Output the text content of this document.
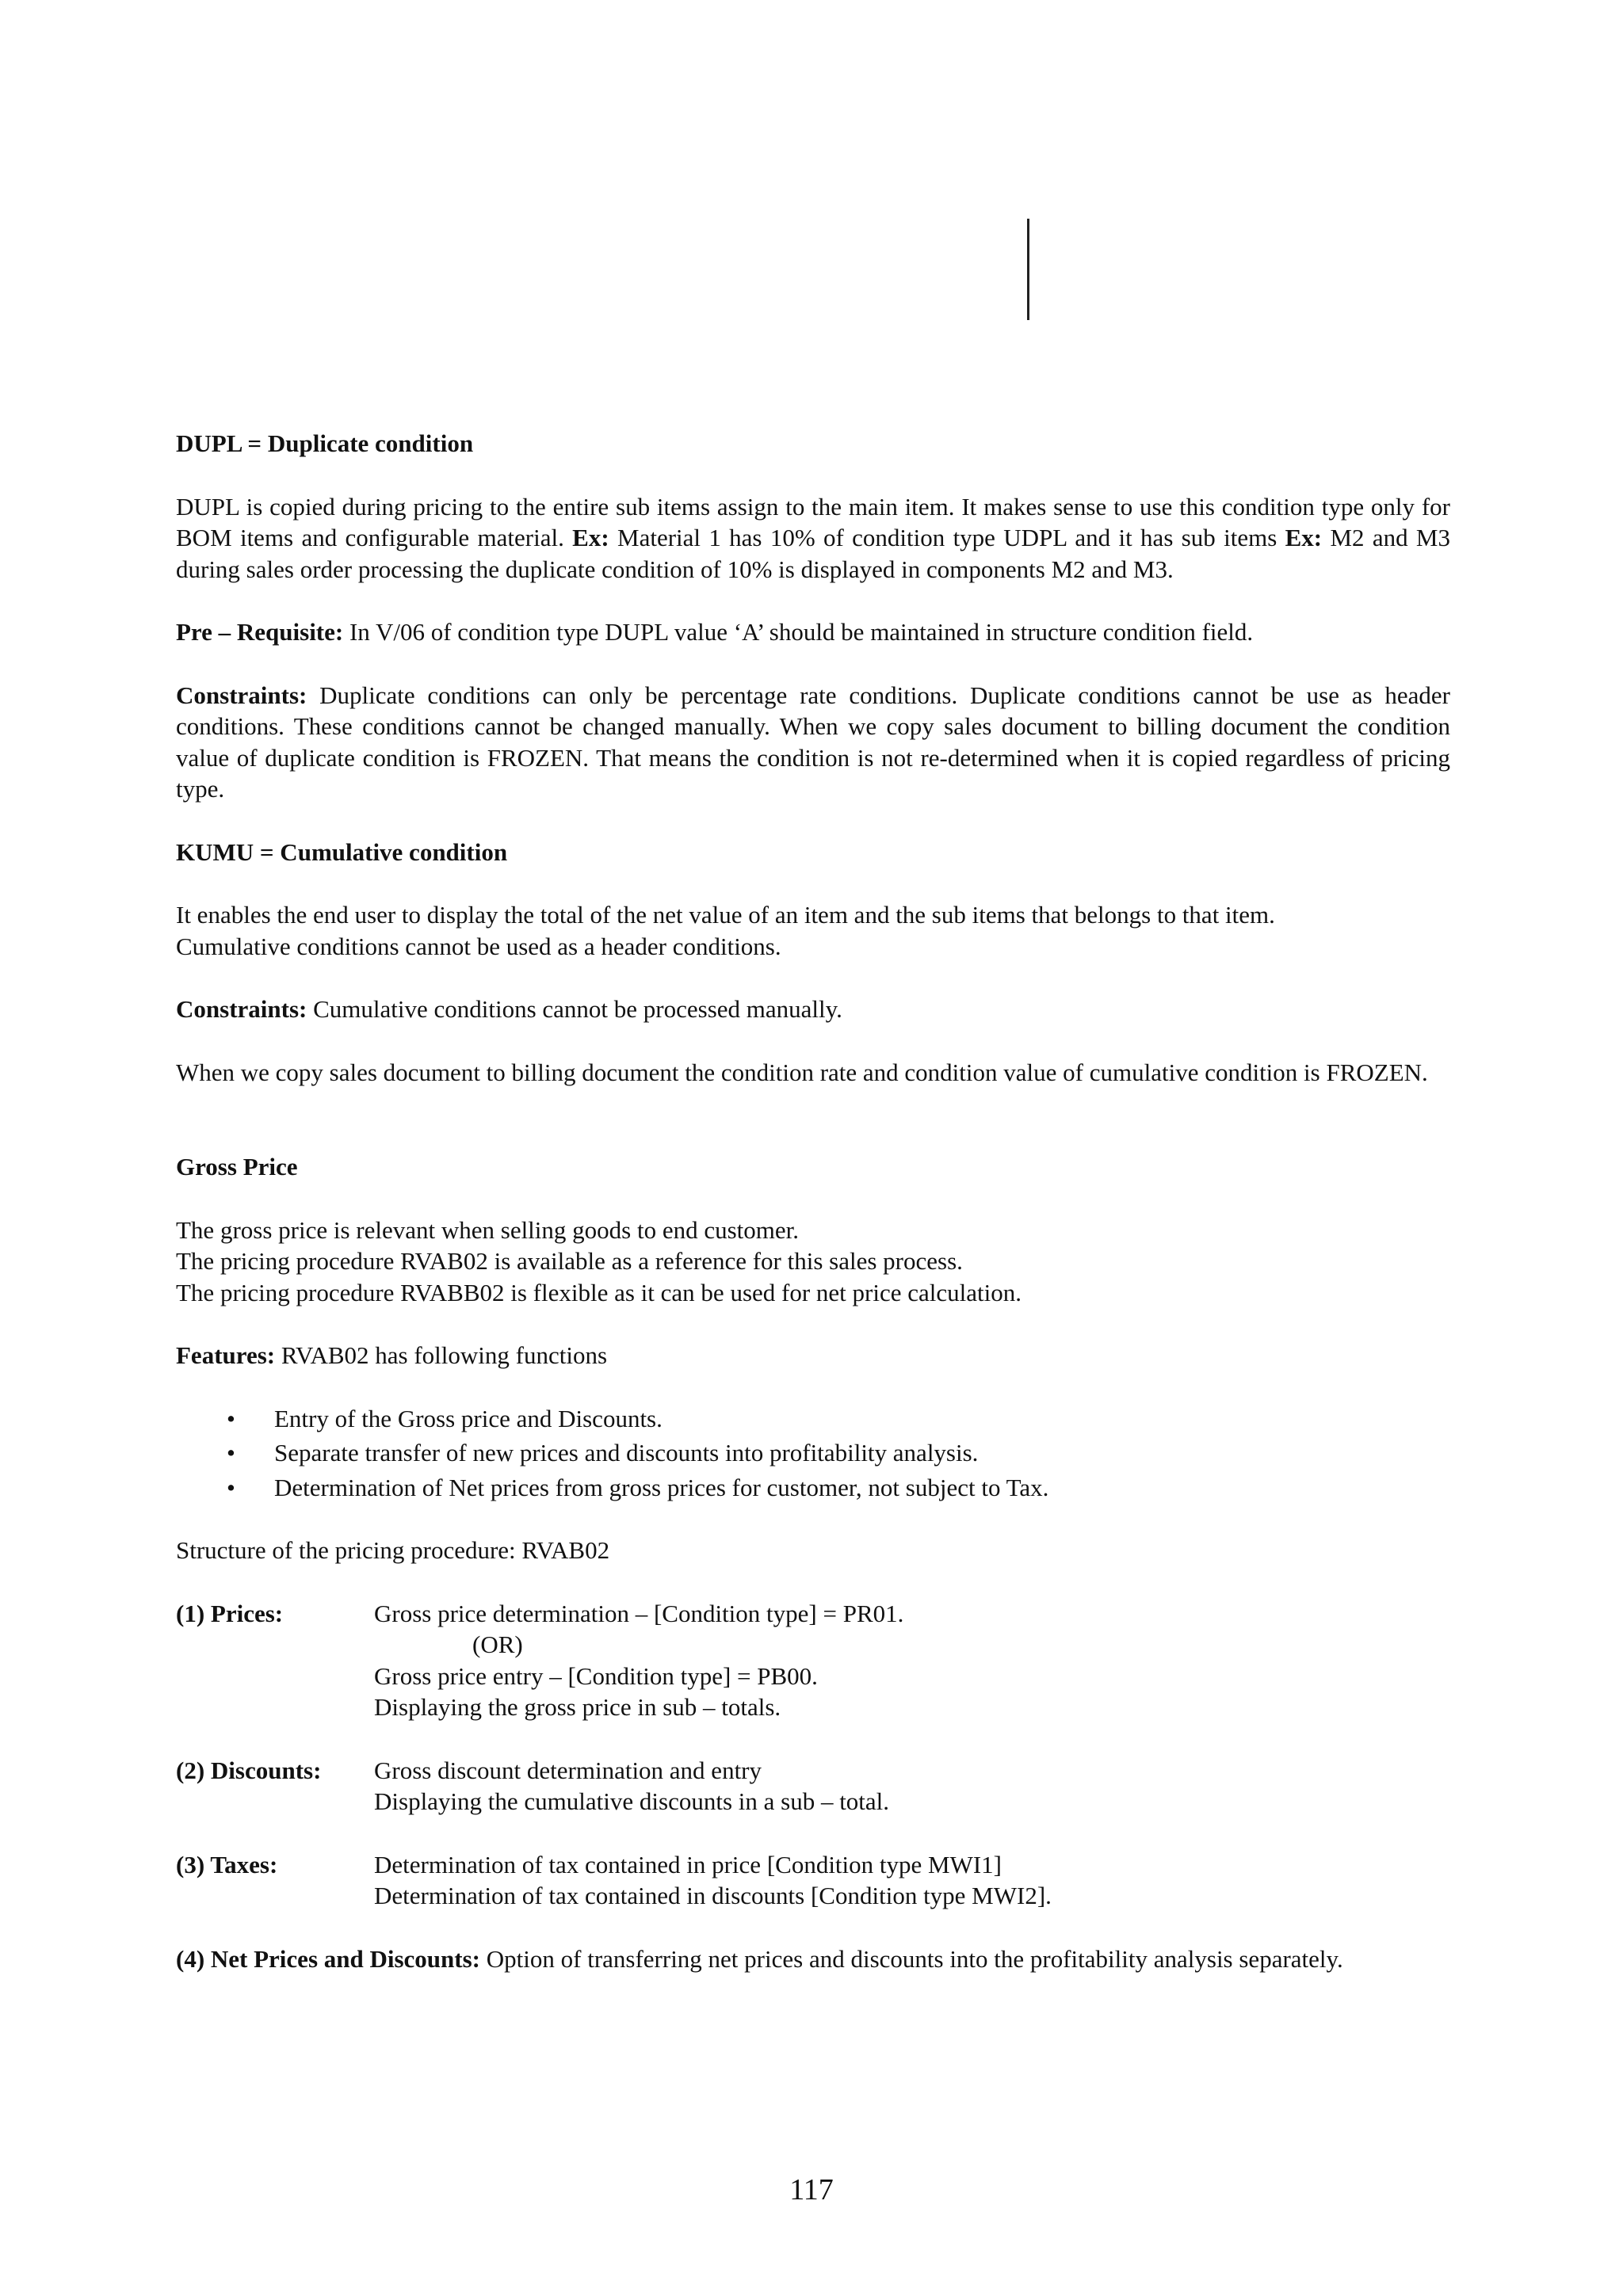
DUPL = Duplicate condition

DUPL is copied during pricing to the entire sub items assign to the main item. It makes sense to use this condition type only for BOM items and configurable material. Ex: Material 1 has 10% of condition type UDPL and it has sub items Ex: M2 and M3 during sales order processing the duplicate condition of 10% is displayed in components M2 and M3.

Pre – Requisite: In V/06 of condition type DUPL value ‘A’ should be maintained in structure condition field.

Constraints: Duplicate conditions can only be percentage rate conditions. Duplicate conditions cannot be use as header conditions. These conditions cannot be changed manually. When we copy sales document to billing document the condition value of duplicate condition is FROZEN. That means the condition is not re-determined when it is copied regardless of pricing type.

KUMU = Cumulative condition
It enables the end user to display the total of the net value of an item and the sub items that belongs to that item.
Cumulative conditions cannot be used as a header conditions.

Constraints: Cumulative conditions cannot be processed manually.

When we copy sales document to billing document the condition rate and condition value of cumulative condition is FROZEN.

Gross Price
The gross price is relevant when selling goods to end customer.
The pricing procedure RVAB02 is available as a reference for this sales process.
The pricing procedure RVABB02 is flexible as it can be used for net price calculation.

Features: RVAB02 has following functions

• Entry of the Gross price and Discounts.
• Separate transfer of new prices and discounts into profitability analysis.
• Determination of Net prices from gross prices for customer, not subject to Tax.

Structure of the pricing procedure: RVAB02

(1) Prices:	Gross price determination – [Condition type] = PR01.
(OR)
Gross price entry – [Condition type] = PB00.
Displaying the gross price in sub – totals.
(2) Discounts:	Gross discount determination and entry
Displaying the cumulative discounts in a sub – total.
(3) Taxes:	Determination of tax contained in price [Condition type MWI1]
Determination of tax contained in discounts [Condition type MWI2].

(4) Net Prices and Discounts: Option of transferring net prices and discounts into the profitability analysis separately.

117
